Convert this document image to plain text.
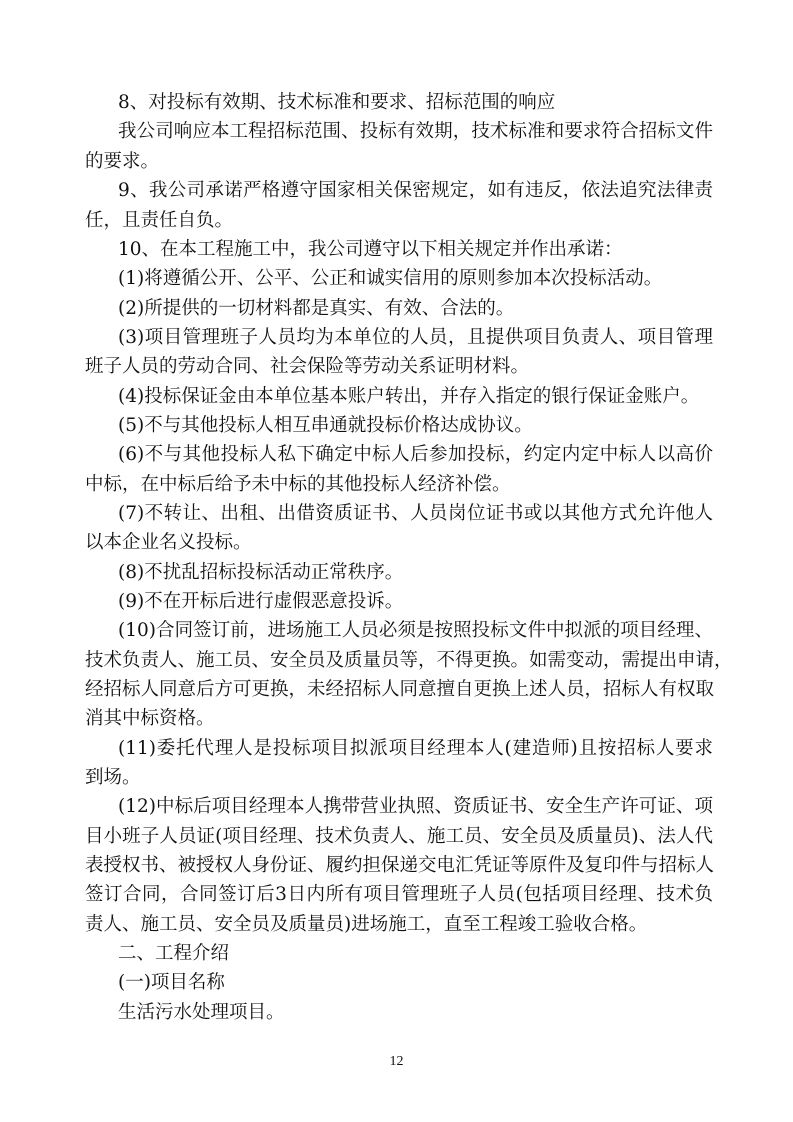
8、对投标有效期、技术标准和要求、招标范围的响应
我公司响应本工程招标范围、投标有效期，技术标准和要求符合招标文件
的要求。
9、我公司承诺严格遵守国家相关保密规定，如有违反，依法追究法律责
任，且责任自负。
10、在本工程施工中，我公司遵守以下相关规定并作出承诺：
(1)将遵循公开、公平、公正和诚实信用的原则参加本次投标活动。
(2)所提供的一切材料都是真实、有效、合法的。
(3)项目管理班子人员均为本单位的人员，且提供项目负责人、项目管理
班子人员的劳动合同、社会保险等劳动关系证明材料。
(4)投标保证金由本单位基本账户转出，并存入指定的银行保证金账户。
(5)不与其他投标人相互串通就投标价格达成协议。
(6)不与其他投标人私下确定中标人后参加投标，约定内定中标人以高价
中标，在中标后给予未中标的其他投标人经济补偿。
(7)不转让、出租、出借资质证书、人员岗位证书或以其他方式允许他人
以本企业名义投标。
(8)不扰乱招标投标活动正常秩序。
(9)不在开标后进行虚假恶意投诉。
(10)合同签订前，进场施工人员必须是按照投标文件中拟派的项目经理、
技术负责人、施工员、安全员及质量员等，不得更换。如需变动，需提出申请，
经招标人同意后方可更换，未经招标人同意擅自更换上述人员，招标人有权取
消其中标资格。
(11)委托代理人是投标项目拟派项目经理本人(建造师)且按招标人要求
到场。
(12)中标后项目经理本人携带营业执照、资质证书、安全生产许可证、项
目小班子人员证(项目经理、技术负责人、施工员、安全员及质量员)、法人代
表授权书、被授权人身份证、履约担保递交电汇凭证等原件及复印件与招标人
签订合同，合同签订后3日内所有项目管理班子人员(包括项目经理、技术负
责人、施工员、安全员及质量员)进场施工，直至工程竣工验收合格。
二、工程介绍
(一)项目名称
生活污水处理项目。
12
